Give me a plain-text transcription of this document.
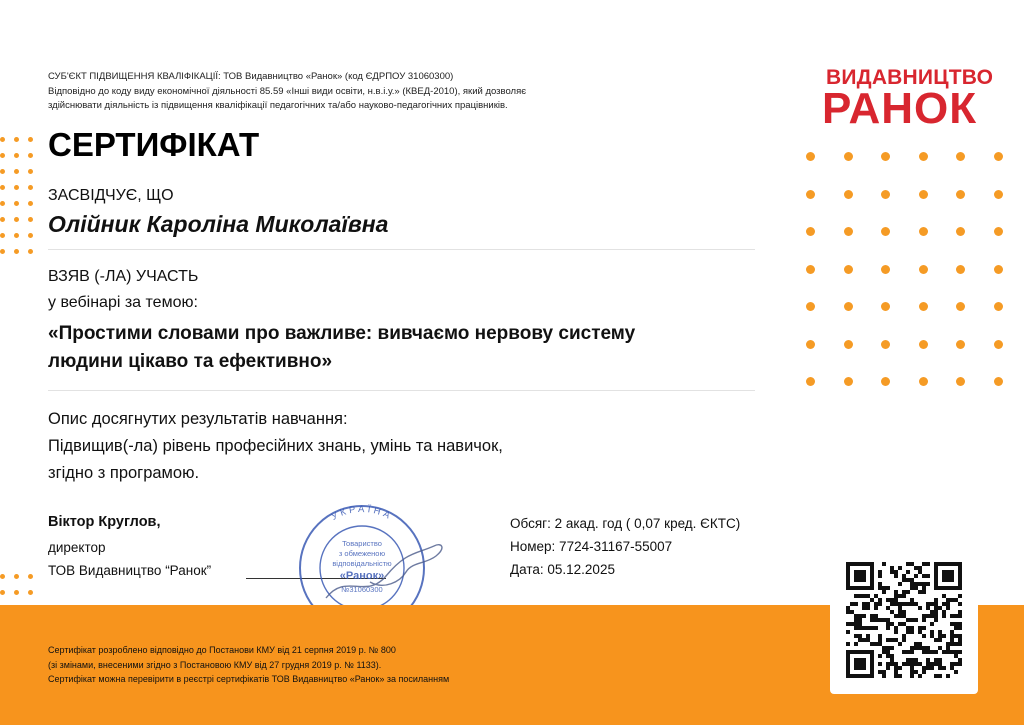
СУБ'ЄКТ ПІДВИЩЕННЯ КВАЛІФІКАЦІЇ: ТОВ Видавництво «Ранок» (код ЄДРПОУ 31060300)
Відповідно до коду виду економічної діяльності 85.59 «Інші види освіти, н.в.і.у.» (КВЕД-2010), який дозволяє
здійснювати діяльність із підвищення кваліфікації педагогічних та/або науково-педагогічних працівників.
ВИДАВНИЦТВО
РАНОК
СЕРТИФІКАТ
ЗАСВІДЧУЄ, ЩО
Олійник Кароліна Миколаївна
ВЗЯВ (-ЛА) УЧАСТЬ
у вебінарі за темою:
«Простими словами про важливе: вивчаємо нервову систему
людини цікаво та ефективно»
Опис досягнутих результатів навчання:
Підвищив(-ла) рівень професійних знань, умінь та навичок,
згідно з програмою.
Віктор Круглов,
директор
ТОВ Видавництво “Ранок”
УКРАЇНА
Товариство
з обмеженою
відповідальністю
«Ранок»
№31060300
Обсяг: 2 акад. год ( 0,07 кред. ЄКТС)
Номер: 7724-31167-55007
Дата: 05.12.2025
Сертифікат розроблено відповідно до Постанови КМУ від 21 серпня 2019 р. № 800
(зі змінами, внесеними згідно з Постановою КМУ від 27 грудня 2019 р. № 1133).
Сертифікат можна перевірити в реєстрі сертифікатів ТОВ Видавництво «Ранок» за посиланням
